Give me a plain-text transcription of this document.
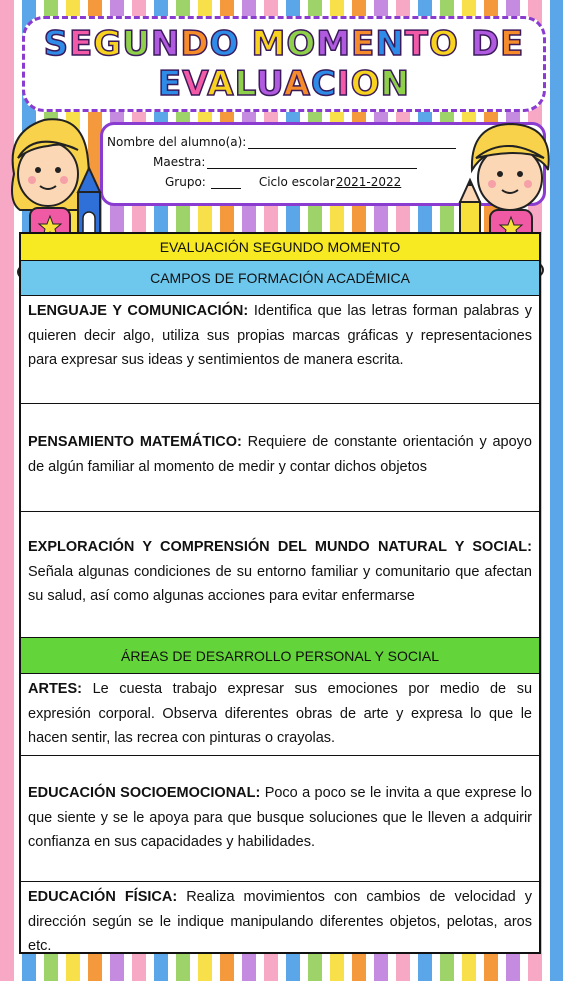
SEGUNDO MOMENTO DE
EVALUACION
Nombre del alumno(a):
Maestra:
Grupo:	Ciclo escolar 2021-2022
EVALUACIÓN SEGUNDO MOMENTO
CAMPOS DE FORMACIÓN ACADÉMICA
LENGUAJE Y COMUNICACIÓN: Identifica que las letras forman palabras y quieren decir algo, utiliza sus propias marcas gráficas y representaciones para expresar sus ideas y sentimientos de manera escrita.
PENSAMIENTO MATEMÁTICO: Requiere de constante orientación y apoyo de algún familiar al momento de medir y contar dichos objetos
EXPLORACIÓN Y COMPRENSIÓN DEL MUNDO NATURAL Y SOCIAL: Señala algunas condiciones de su entorno familiar y comunitario que afectan su salud, así como algunas acciones para evitar enfermarse
ÁREAS DE DESARROLLO PERSONAL Y SOCIAL
ARTES: Le cuesta trabajo expresar sus emociones por medio de su expresión corporal. Observa diferentes obras de arte y expresa lo que le hacen sentir, las recrea con pinturas o crayolas.
EDUCACIÓN SOCIOEMOCIONAL: Poco a poco se le invita a que exprese lo que siente y se le apoya para que busque soluciones que le lleven a adquirir confianza en sus capacidades y habilidades.
EDUCACIÓN FÍSICA: Realiza movimientos con cambios de velocidad y dirección según se le indique manipulando diferentes objetos, pelotas, aros etc.
